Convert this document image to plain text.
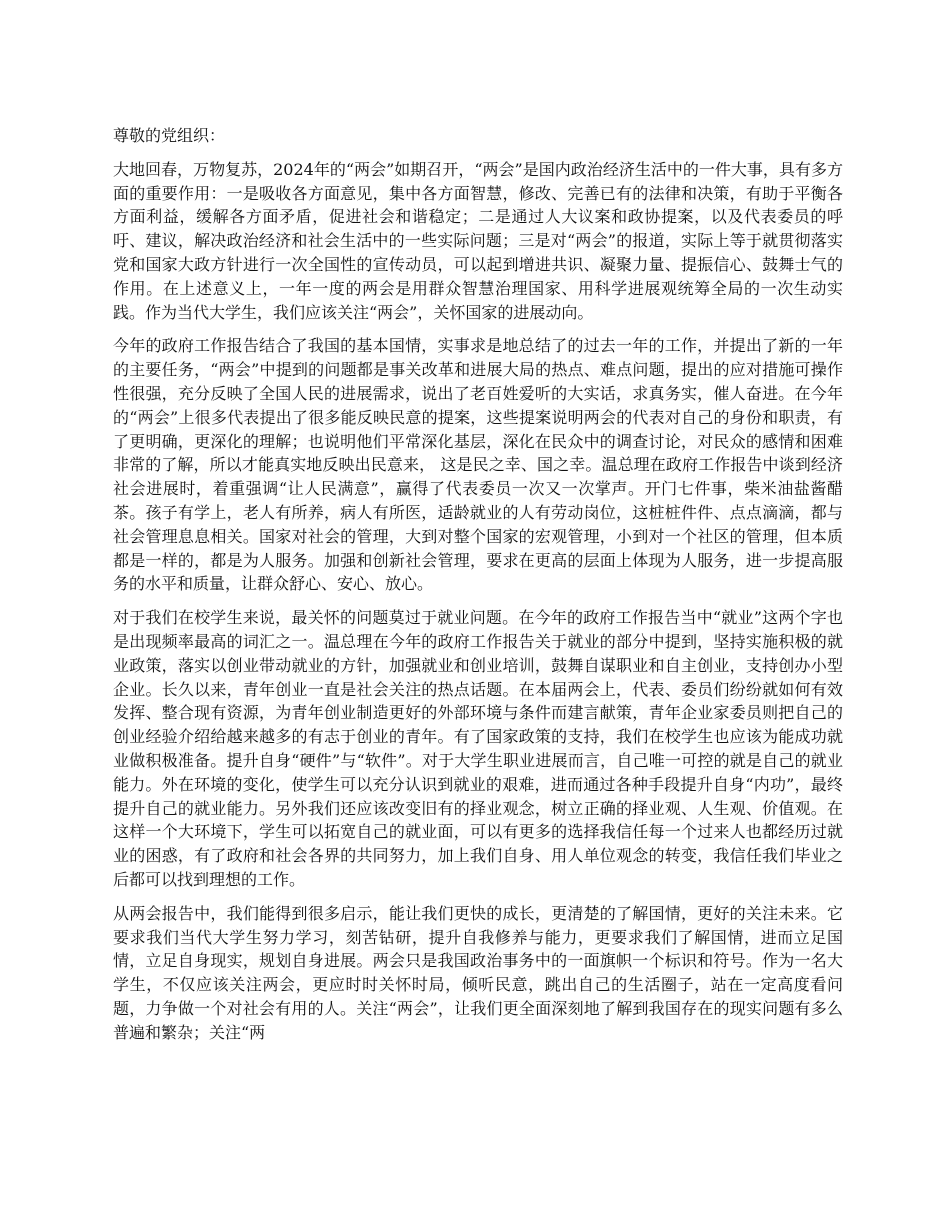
尊敬的党组织：

大地回春，万物复苏，2024年的“两会”如期召开，“两会”是国内政治经济生活中的一件大事，具有多方面的重要作用：一是吸收各方面意见，集中各方面智慧，修改、完善已有的法律和决策，有助于平衡各方面利益，缓解各方面矛盾，促进社会和谐稳定；二是通过人大议案和政协提案，以及代表委员的呼吁、建议，解决政治经济和社会生活中的一些实际问题；三是对“两会”的报道，实际上等于就贯彻落实党和国家大政方针进行一次全国性的宣传动员，可以起到增进共识、凝聚力量、提振信心、鼓舞士气的作用。在上述意义上，一年一度的两会是用群众智慧治理国家、用科学进展观统筹全局的一次生动实践。作为当代大学生，我们应该关注“两会”，关怀国家的进展动向。

今年的政府工作报告结合了我国的基本国情，实事求是地总结了的过去一年的工作，并提出了新的一年的主要任务，“两会”中提到的问题都是事关改革和进展大局的热点、难点问题，提出的应对措施可操作性很强，充分反映了全国人民的进展需求，说出了老百姓爱听的大实话，求真务实，催人奋进。在今年的“两会”上很多代表提出了很多能反映民意的提案，这些提案说明两会的代表对自己的身份和职责，有了更明确，更深化的理解；也说明他们平常深化基层，深化在民众中的调查讨论，对民众的感情和困难非常的了解，所以才能真实地反映出民意来， 这是民之幸、国之幸。温总理在政府工作报告中谈到经济社会进展时，着重强调“让人民满意”，赢得了代表委员一次又一次掌声。开门七件事，柴米油盐酱醋茶。孩子有学上，老人有所养，病人有所医，适龄就业的人有劳动岗位，这桩桩件件、点点滴滴，都与社会管理息息相关。国家对社会的管理，大到对整个国家的宏观管理，小到对一个社区的管理，但本质都是一样的，都是为人服务。加强和创新社会管理，要求在更高的层面上体现为人服务，进一步提高服务的水平和质量，让群众舒心、安心、放心。

对于我们在校学生来说，最关怀的问题莫过于就业问题。在今年的政府工作报告当中“就业”这两个字也是出现频率最高的词汇之一。温总理在今年的政府工作报告关于就业的部分中提到，坚持实施积极的就业政策，落实以创业带动就业的方针，加强就业和创业培训，鼓舞自谋职业和自主创业，支持创办小型企业。长久以来，青年创业一直是社会关注的热点话题。在本届两会上，代表、委员们纷纷就如何有效发挥、整合现有资源，为青年创业制造更好的外部环境与条件而建言献策，青年企业家委员则把自己的创业经验介绍给越来越多的有志于创业的青年。有了国家政策的支持，我们在校学生也应该为能成功就业做积极准备。提升自身“硬件”与“软件”。对于大学生职业进展而言，自己唯一可控的就是自己的就业能力。外在环境的变化，使学生可以充分认识到就业的艰难，进而通过各种手段提升自身“内功”，最终提升自己的就业能力。另外我们还应该改变旧有的择业观念，树立正确的择业观、人生观、价值观。在这样一个大环境下，学生可以拓宽自己的就业面，可以有更多的选择我信任每一个过来人也都经历过就业的困惑，有了政府和社会各界的共同努力，加上我们自身、用人单位观念的转变，我信任我们毕业之后都可以找到理想的工作。

从两会报告中，我们能得到很多启示，能让我们更快的成长，更清楚的了解国情，更好的关注未来。它要求我们当代大学生努力学习，刻苦钻研，提升自我修养与能力，更要求我们了解国情，进而立足国情，立足自身现实，规划自身进展。两会只是我国政治事务中的一面旗帜一个标识和符号。作为一名大学生，不仅应该关注两会，更应时时关怀时局，倾听民意，跳出自己的生活圈子，站在一定高度看问题，力争做一个对社会有用的人。关注“两会”，让我们更全面深刻地了解到我国存在的现实问题有多么普遍和繁杂；关注“两
